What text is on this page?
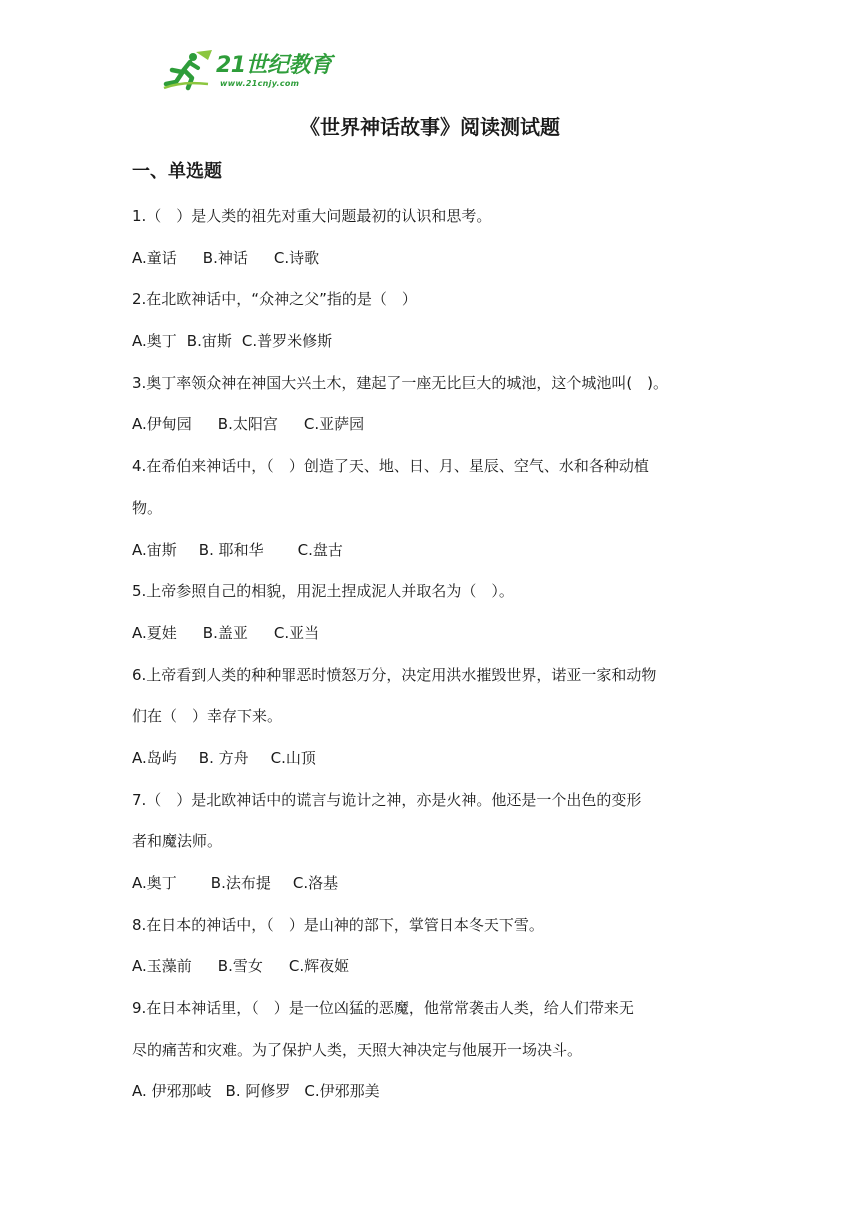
21世纪教育
www.21cnjy.com
《世界神话故事》阅读测试题
一、单选题
1.（　）是人类的祖先对重大问题最初的认识和思考。
A.童话 B.神话 C.诗歌
2.在北欧神话中，“众神之父”指的是（　）
A.奥丁 B.宙斯 C.普罗米修斯
3.奥丁率领众神在神国大兴土木，建起了一座无比巨大的城池，这个城池叫(　)。
A.伊甸园 B.太阳宫 C.亚萨园
4.在希伯来神话中，（　）创造了天、地、日、月、星辰、空气、水和各种动植
物。
A.宙斯 B. 耶和华 C.盘古
5.上帝参照自己的相貌，用泥土捏成泥人并取名为（　）。
A.夏娃 B.盖亚 C.亚当
6.上帝看到人类的种种罪恶时愤怒万分，决定用洪水摧毁世界，诺亚一家和动物
们在（　）幸存下来。
A.岛屿 B. 方舟 C.山顶
7.（　）是北欧神话中的谎言与诡计之神，亦是火神。他还是一个出色的变形
者和魔法师。
A.奥丁 B.法布提 C.洛基
8.在日本的神话中，（　）是山神的部下，掌管日本冬天下雪。
A.玉藻前 B.雪女 C.辉夜姬
9.在日本神话里，（　）是一位凶猛的恶魔，他常常袭击人类，给人们带来无
尽的痛苦和灾难。为了保护人类，天照大神决定与他展开一场决斗。
A. 伊邪那岐 B. 阿修罗 C.伊邪那美
